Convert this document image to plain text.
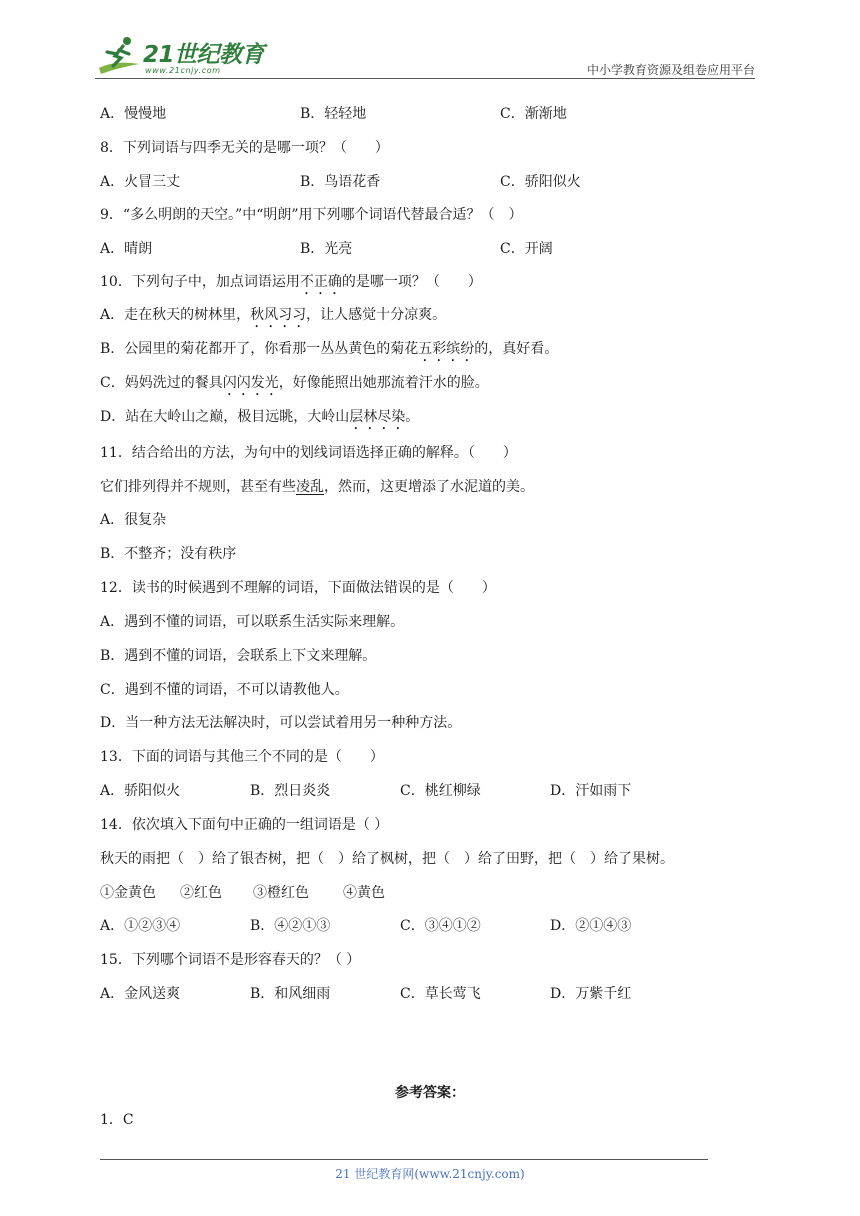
21世纪教育
www.21cnjy.com	中小学教育资源及组卷应用平台
A．慢慢地	B．轻轻地	C．渐渐地
8．下列词语与四季无关的是哪一项？（　　）
A．火冒三丈	B．鸟语花香	C．骄阳似火
9．“多么明朗的天空。”中“明朗”用下列哪个词语代替最合适？（　）
A．晴朗	B．光亮	C．开阔
10．下列句子中，加点词语运用不正确的是哪一项？（　　）
A．走在秋天的树林里，秋风习习，让人感觉十分凉爽。
B．公园里的菊花都开了，你看那一丛丛黄色的菊花五彩缤纷的，真好看。
C．妈妈洗过的餐具闪闪发光，好像能照出她那流着汗水的脸。
D．站在大岭山之巅，极目远眺，大岭山层林尽染。
11．结合给出的方法，为句中的划线词语选择正确的解释。（　　）
它们排列得并不规则，甚至有些凌乱，然而，这更增添了水泥道的美。
A．很复杂
B．不整齐；没有秩序
12．读书的时候遇到不理解的词语，下面做法错误的是（　　）
A．遇到不懂的词语，可以联系生活实际来理解。
B．遇到不懂的词语，会联系上下文来理解。
C．遇到不懂的词语，不可以请教他人。
D．当一种方法无法解决时，可以尝试着用另一种种方法。
13．下面的词语与其他三个不同的是（　　）
A．骄阳似火	B．烈日炎炎	C．桃红柳绿	D．汗如雨下
14．依次填入下面句中正确的一组词语是（ ）
秋天的雨把（　）给了银杏树，把（　）给了枫树，把（　）给了田野，把（　）给了果树。
①金黄色 ②红色 ③橙红色 ④黄色
A．①②③④	B．④②①③	C．③④①②	D．②①④③
15．下列哪个词语不是形容春天的？（ ）
A．金风送爽	B．和风细雨	C．草长莺飞	D．万紫千红
参考答案：
1．C
21 世纪教育网(www.21cnjy.com)
